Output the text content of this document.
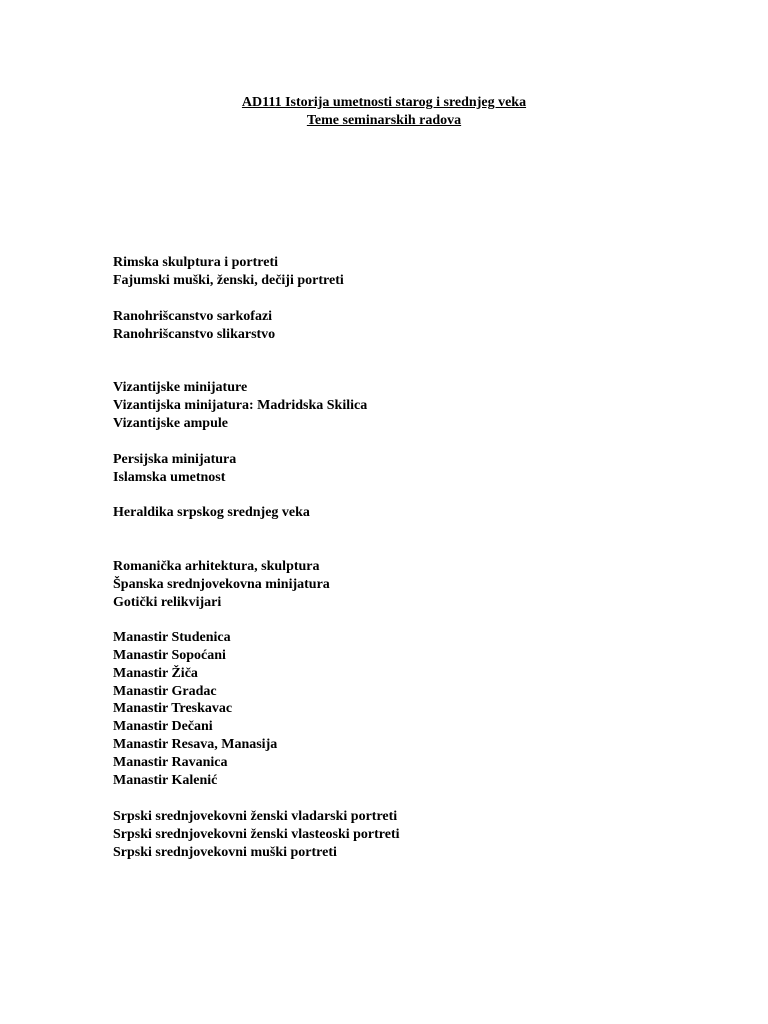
AD111 Istorija umetnosti starog i srednjeg veka
Teme seminarskih radova
Rimska skulptura i portreti
Fajumski muški, ženski, dečiji portreti
Ranohrišcanstvo sarkofazi
Ranohrišcanstvo slikarstvo
Vizantijske minijature
Vizantijska minijatura: Madridska Skilica
Vizantijske ampule
Persijska minijatura
Islamska umetnost
Heraldika srpskog srednjeg veka
Romanička arhitektura, skulptura
Španska srednjovekovna minijatura
Gotički relikvijari
Manastir Studenica
Manastir Sopoćani
Manastir Žiča
Manastir Gradac
Manastir Treskavac
Manastir Dečani
Manastir Resava, Manasija
Manastir Ravanica
Manastir Kalenić
Srpski srednjovekovni ženski vladarski portreti
Srpski srednjovekovni ženski vlasteoski portreti
Srpski srednjovekovni muški portreti
